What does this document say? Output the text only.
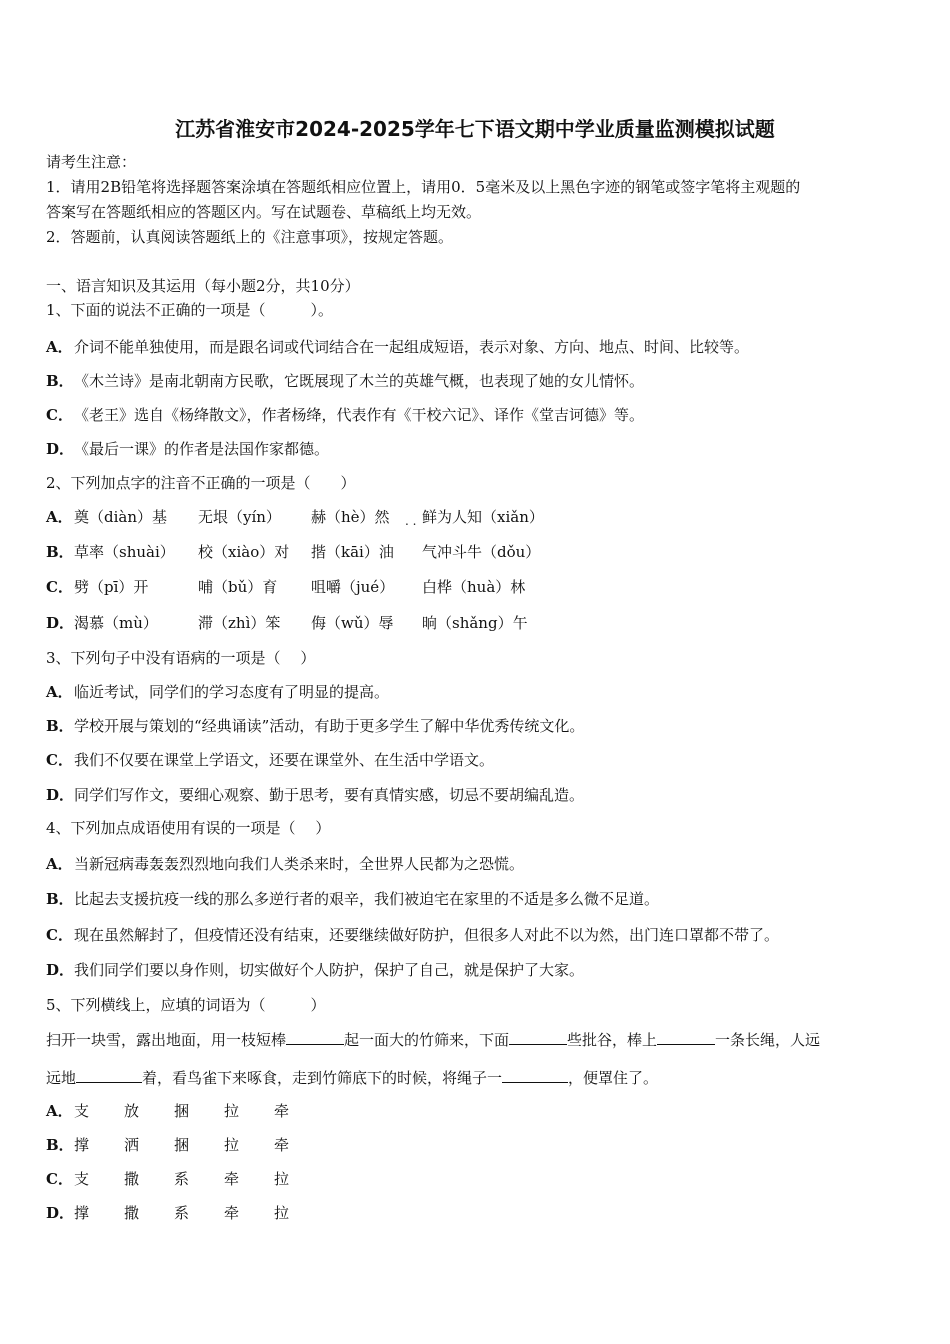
江苏省淮安市2024-2025学年七下语文期中学业质量监测模拟试题
请考生注意：
1．请用2B铅笔将选择题答案涂填在答题纸相应位置上，请用0．5毫米及以上黑色字迹的钢笔或签字笔将主观题的
答案写在答题纸相应的答题区内。写在试题卷、草稿纸上均无效。
2．答题前，认真阅读答题纸上的《注意事项》，按规定答题。
一、语言知识及其运用（每小题2分，共10分）
1、下面的说法不正确的一项是（　　　）。
A．介词不能单独使用，而是跟名词或代词结合在一起组成短语，表示对象、方向、地点、时间、比较等。
B．《木兰诗》是南北朝南方民歌，它既展现了木兰的英雄气概，也表现了她的女儿情怀。
C．《老王》选自《杨绛散文》，作者杨绛，代表作有《干校六记》、译作《堂吉诃德》等。
D．《最后一课》的作者是法国作家都德。
2、下列加点字的注音不正确的一项是（　　）
A．奠（diàn）基 无垠（yín） 赫（hè）然 鲜为人知（xiǎn）
. .
B．草率（shuài） 校（xiào）对 揩（kāi）油 气冲斗牛（dǒu）
C．劈（pī）开	哺（bǔ）育 咀嚼（jué） 白桦（huà）林
D．渴慕（mù）	滞（zhì）笨 侮（wǔ）辱 晌（shǎng）午
3、下列句子中没有语病的一项是（　 ）
A．临近考试，同学们的学习态度有了明显的提高。
B．学校开展与策划的“经典诵读”活动，有助于更多学生了解中华优秀传统文化。
C．我们不仅要在课堂上学语文，还要在课堂外、在生活中学语文。
D．同学们写作文，要细心观察、勤于思考，要有真情实感，切忌不要胡编乱造。
4、下列加点成语使用有误的一项是（　 ）
A．当新冠病毒轰轰烈烈地向我们人类杀来时，全世界人民都为之恐慌。
B．比起去支援抗疫一线的那么多逆行者的艰辛，我们被迫宅在家里的不适是多么微不足道。
C．现在虽然解封了，但疫情还没有结束，还要继续做好防护，但很多人对此不以为然，出门连口罩都不带了。
D．我们同学们要以身作则，切实做好个人防护，保护了自己，就是保护了大家。
5、下列横线上，应填的词语为（　　　）
扫开一块雪，露出地面，用一枝短棒	起一面大的竹筛来，下面	些批谷，棒上	一条长绳，人远
远地	着，看鸟雀下来啄食，走到竹筛底下的时候，将绳子一	，便罩住了。
A．支 放 捆 拉 牵
B．撑 洒 捆 拉 牵
C．支 撒 系 牵 拉
D．撑 撒 系 牵 拉
